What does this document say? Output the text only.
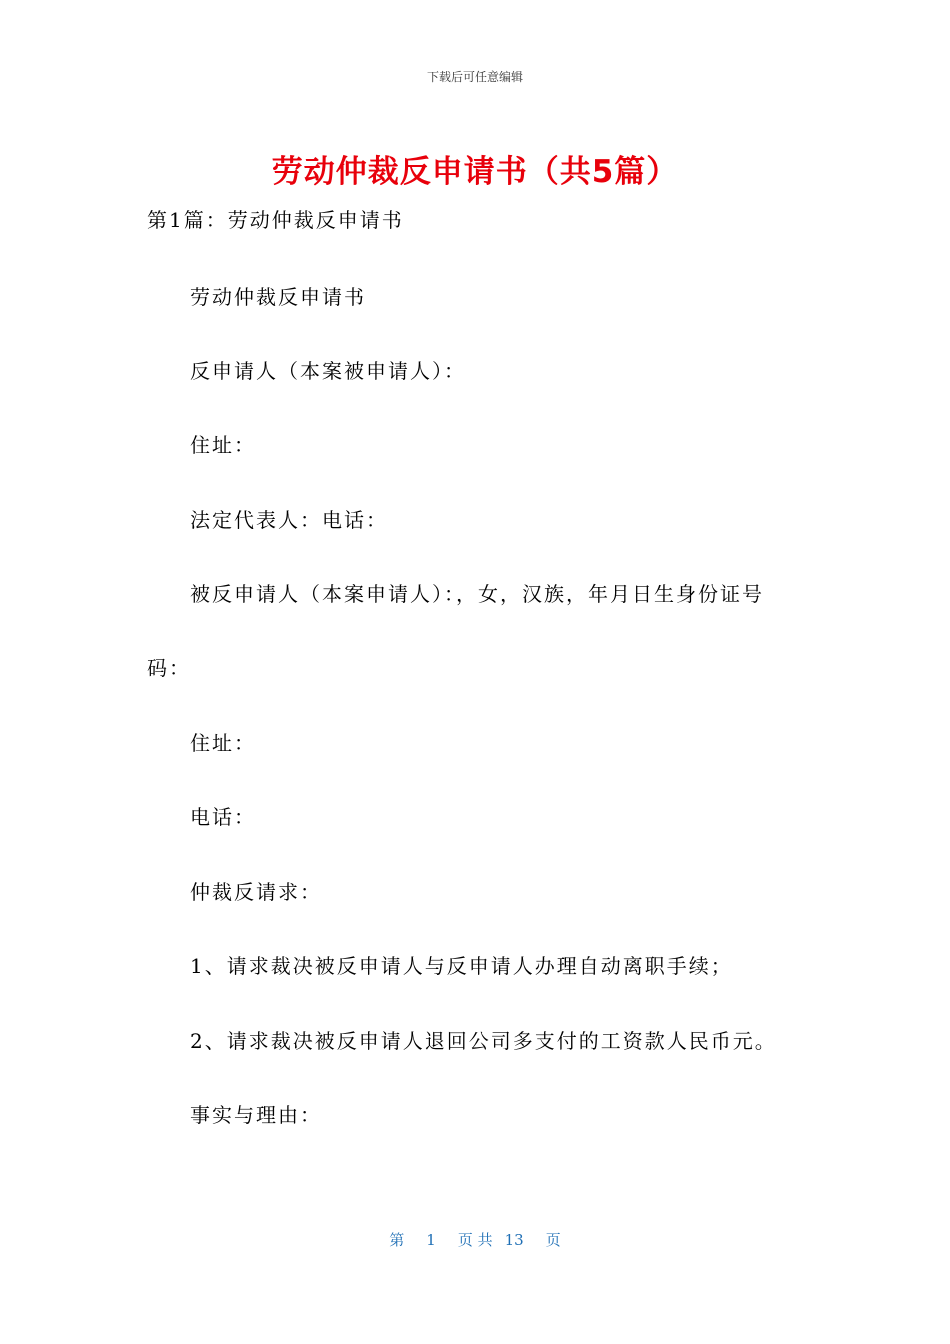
下载后可任意编辑
劳动仲裁反申请书（共5篇）
第1篇：劳动仲裁反申请书
劳动仲裁反申请书
反申请人（本案被申请人）：
住址：
法定代表人：电话：
被反申请人（本案申请人）：，女，汉族，年月日生身份证号
码：
住址：
电话：
仲裁反请求：
1、请求裁决被反申请人与反申请人办理自动离职手续；
2、请求裁决被反申请人退回公司多支付的工资款人民币元。
事实与理由：
第 1 页 共 13 页
